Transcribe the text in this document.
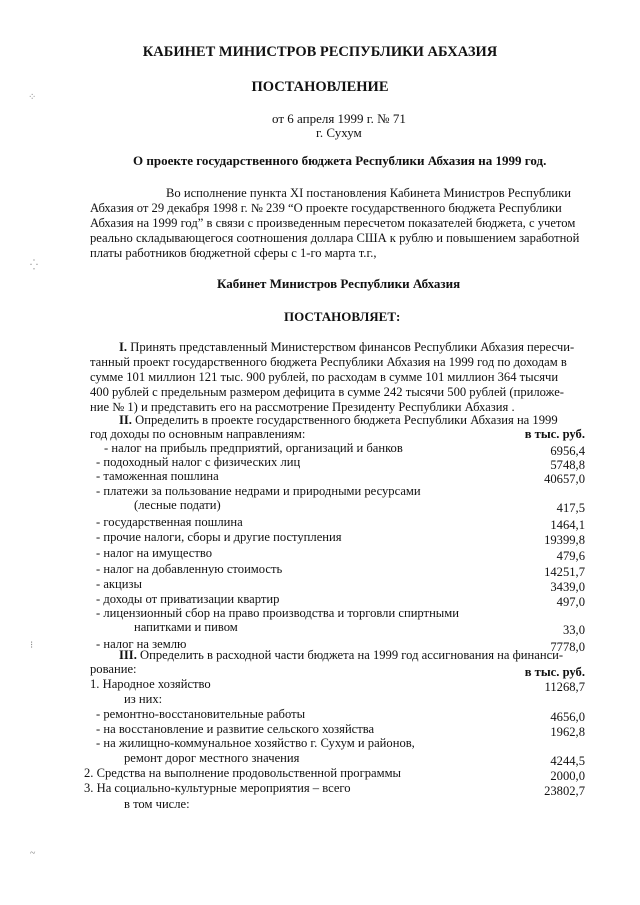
КАБИНЕТ МИНИСТРОВ РЕСПУБЛИКИ АБХАЗИЯ
ПОСТАНОВЛЕНИЕ
от 6 апреля 1999 г. № 71
г. Сухум
О проекте государственного бюджета Республики Абхазия на 1999 год.
Во исполнение пункта XI постановления Кабинета Министров Республики
Абхазия от 29 декабря 1998 г. № 239 “О проекте государственного бюджета Республики
Абхазия на 1999 год” в связи с произведенным пересчетом показателей бюджета, с учетом
реально складывающегося соотношения доллара США к рублю и повышением заработной
платы работников бюджетной сферы с 1-го марта т.г.,
Кабинет Министров Республики Абхазия
ПОСТАНОВЛЯЕТ:
I. Принять представленный Министерством финансов Республики Абхазия пересчи-
танный проект государственного бюджета Республики Абхазия на 1999 год по доходам в
сумме 101 миллион 121 тыс. 900 рублей, по расходам в сумме 101 миллион 364 тысячи
400 рублей с предельным размером дефицита в сумме 242 тысячи 500 рублей (приложе-
ние № 1) и представить его на рассмотрение Президенту Республики Абхазия .
II. Определить в проекте государственного бюджета Республики Абхазия на 1999
год доходы по основным направлениям:	в тыс. руб.
- налог на прибыль предприятий, организаций и банков	6956,4
- подоходный налог с физических лиц	5748,8
- таможенная пошлина	40657,0
- платежи за пользование недрами и природными ресурсами
(лесные подати)	417,5
- государственная пошлина	1464,1
- прочие налоги, сборы и другие поступления	19399,8
- налог на имущество	479,6
- налог на добавленную стоимость	14251,7
- акцизы	3439,0
- доходы от приватизации квартир	497,0
- лицензионный сбор на право производства и торговли спиртными
напитками и пивом	33,0
- налог на землю	7778,0
III. Определить в расходной части бюджета на 1999 год ассигнования на финанси-
рование:	в тыс. руб.
1. Народное хозяйство	11268,7
из них:
- ремонтно-восстановительные работы	4656,0
- на восстановление и развитие сельского хозяйства	1962,8
- на жилищно-коммунальное хозяйство г. Сухум и районов,
ремонт дорог местного значения	4244,5
2. Средства на выполнение продовольственной программы	2000,0
3. На социально-культурные мероприятия – всего	23802,7
в том числе:
⁘
⁛
⁝
~
